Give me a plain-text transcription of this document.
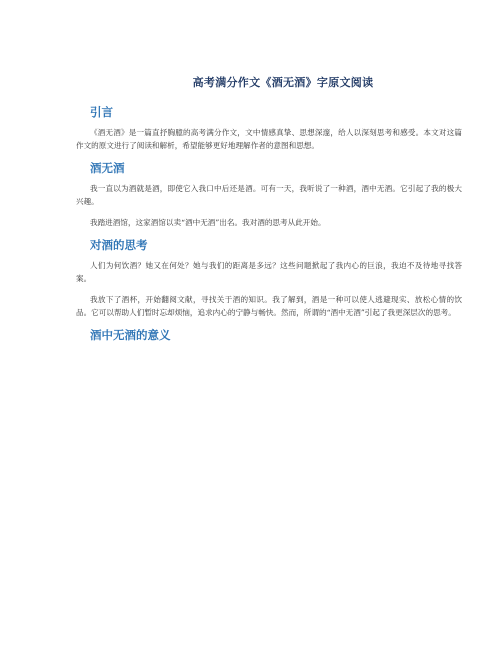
高考满分作文《酒无酒》字原文阅读
引言

《酒无酒》是一篇直抒胸臆的高考满分作文，文中情感真挚、思想深邃，给人以深刻思考和感受。本文对这篇作文的原文进行了阅读和解析，希望能够更好地理解作者的意图和思想。

酒无酒

我一直以为酒就是酒，即使它入我口中后还是酒。可有一天，我听说了一种酒，酒中无酒。它引起了我的极大兴趣。

我踏进酒馆，这家酒馆以卖“酒中无酒”出名。我对酒的思考从此开始。

对酒的思考

人们为何饮酒？她又在何处？她与我们的距离是多远？这些问题掀起了我内心的巨浪，我迫不及待地寻找答案。

我放下了酒杯，开始翻阅文献，寻找关于酒的知识。我了解到，酒是一种可以使人逃避现实、放松心情的饮品。它可以帮助人们暂时忘却烦恼，追求内心的宁静与畅快。然而，所谓的“酒中无酒”引起了我更深层次的思考。

酒中无酒的意义
